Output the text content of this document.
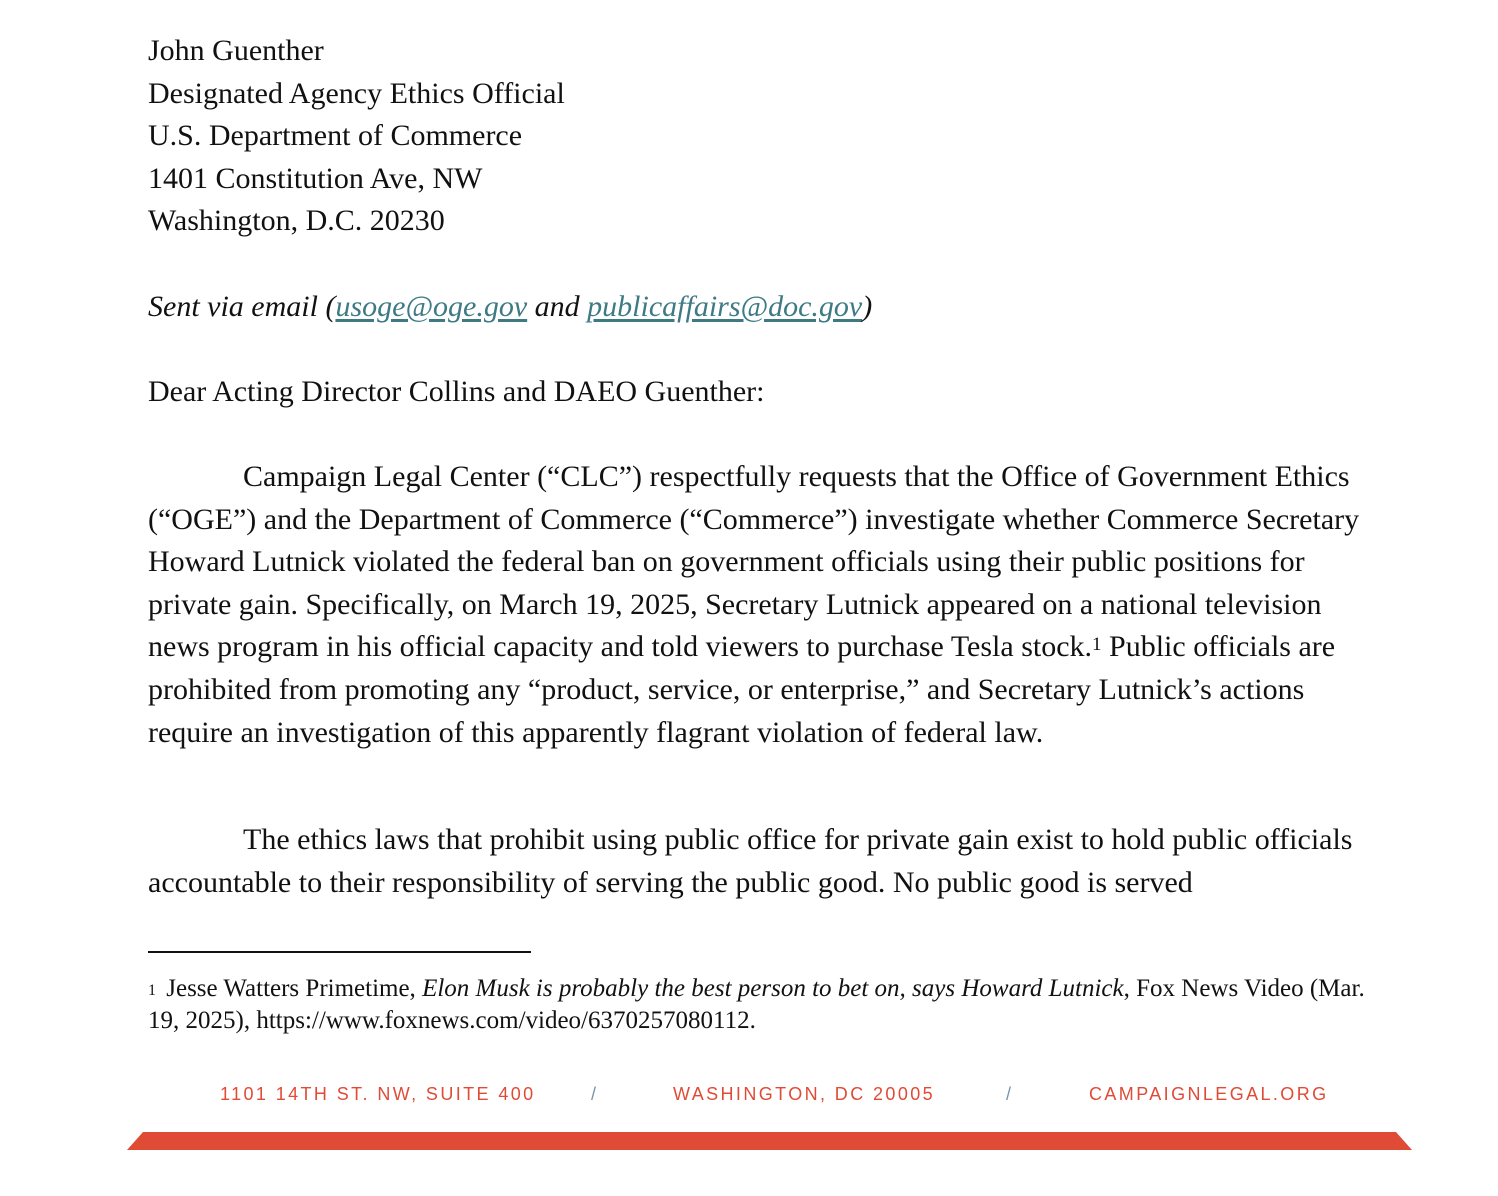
John Guenther
Designated Agency Ethics Official
U.S. Department of Commerce
1401 Constitution Ave, NW
Washington, D.C. 20230
Sent via email (usoge@oge.gov and publicaffairs@doc.gov)
Dear Acting Director Collins and DAEO Guenther:

Campaign Legal Center (“CLC”) respectfully requests that the Office of Government Ethics (“OGE”) and the Department of Commerce (“Commerce”) investigate whether Commerce Secretary Howard Lutnick violated the federal ban on government officials using their public positions for private gain. Specifically, on March 19, 2025, Secretary Lutnick appeared on a national television news program in his official capacity and told viewers to purchase Tesla stock.$^1$ Public officials are prohibited from promoting any “product, service, or enterprise,” and Secretary Lutnick’s actions require an investigation of this apparently flagrant violation of federal law.

The ethics laws that prohibit using public office for private gain exist to hold public officials accountable to their responsibility of serving the public good. No public good is served

$^1$ Jesse Watters Primetime, Elon Musk is probably the best person to bet on, says Howard Lutnick, Fox News Video (Mar. 19, 2025), https://www.foxnews.com/video/6370257080112.

1101 14TH ST. NW, SUITE 400	/	WASHINGTON, DC 20005	/	CAMPAIGNLEGAL.ORG
